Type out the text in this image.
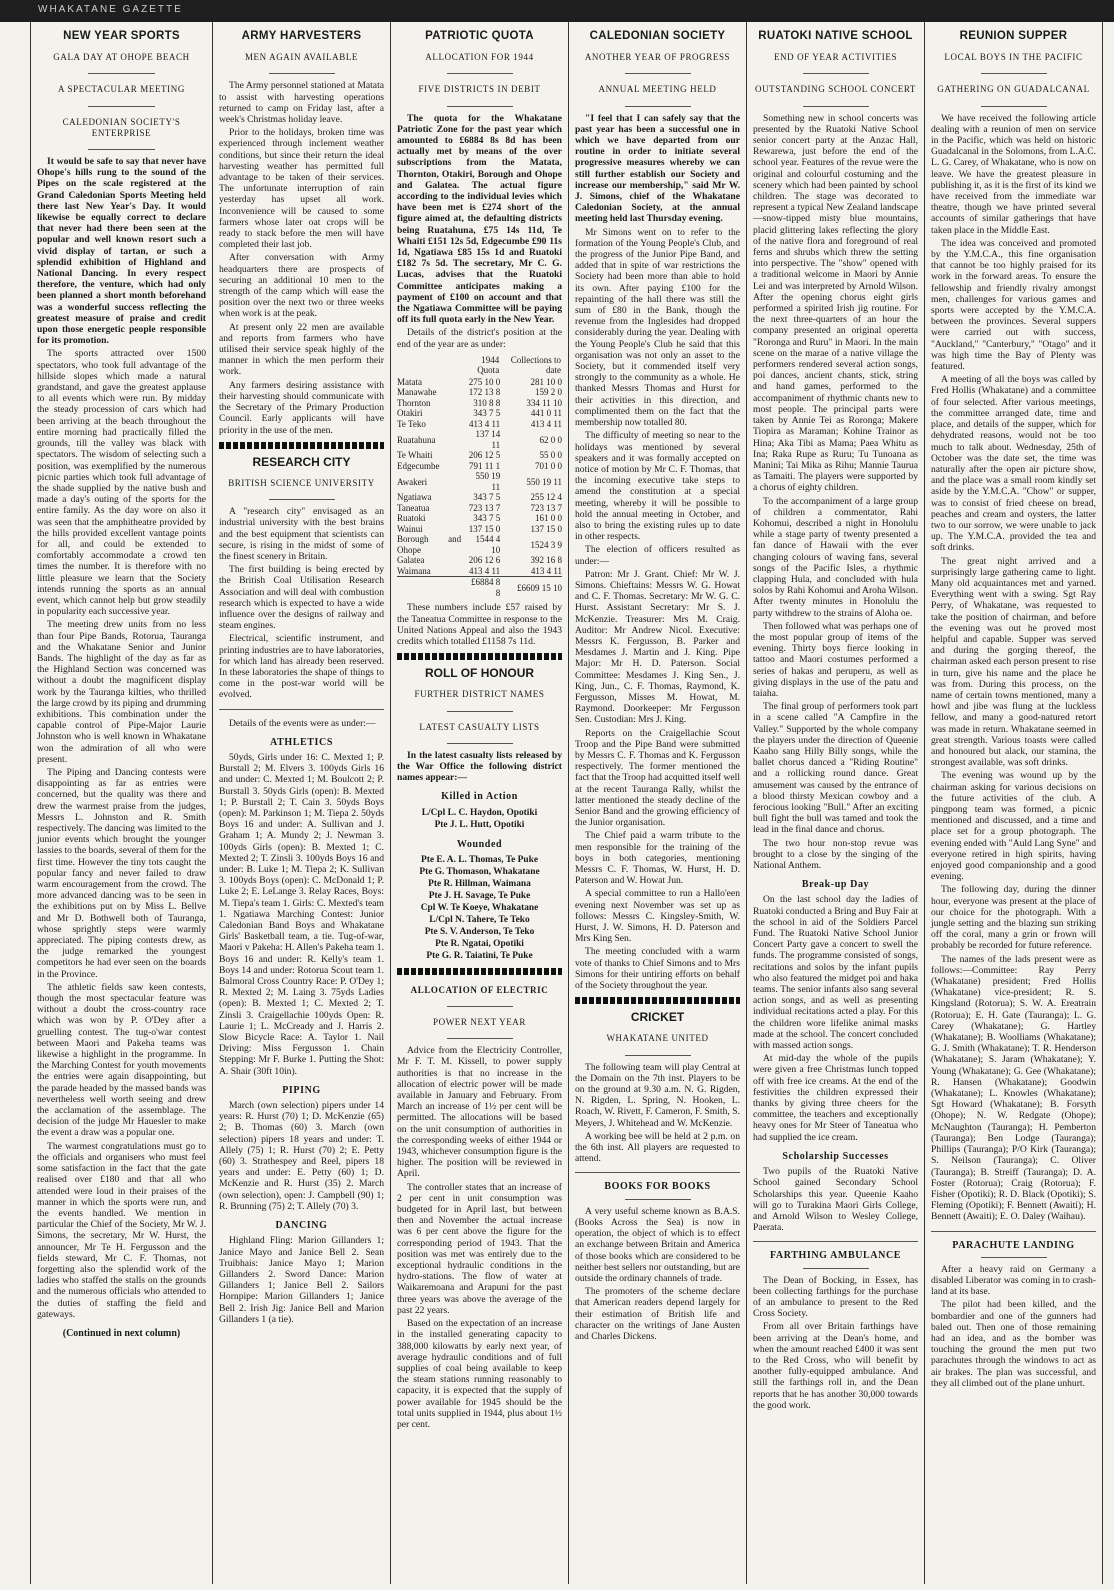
WHAKATANE GAZETTE
NEW YEAR SPORTS
GALA DAY AT OHOPE BEACH
A SPECTACULAR MEETING
CALEDONIAN SOCIETY'S ENTERPRISE

It would be safe to say that never have Ohope's hills rung to the sound of the Pipes on the scale registered at the Grand Caledonian Sports Meeting held there last New Year's Day. It would likewise be equally correct to declare that never had there been seen at the popular and well known resort such a vivid display of tartan, or such a splendid exhibition of Highland and National Dancing. In every respect therefore, the venture, which had only been planned a short month beforehand was a wonderful success reflecting the greatest measure of praise and credit upon those energetic people responsible for its promotion.

The sports attracted over 1500 spectators, who took full advantage of the hillside slopes which made a natural grandstand, and gave the greatest applause to all events which were run. By midday the steady procession of cars which had been arriving at the beach throughout the entire morning had practically filled the grounds, till the valley was black with spectators. The wisdom of selecting such a position, was exemplified by the numerous picnic parties which took full advantage of the shade supplied by the native bush and made a day's outing of the sports for the entire family. As the day wore on also it was seen that the amphitheatre provided by the hills provided excellent vantage points for all, and could be extended to comfortably accommodate a crowd ten times the number. It is therefore with no little pleasure we learn that the Society intends running the sports as an annual event, which cannot help but grow steadily in popularity each successive year.

The meeting drew units from no less than four Pipe Bands, Rotorua, Tauranga and the Whakatane Senior and Junior Bands. The highlight of the day as far as the Highland Section was concerned was without a doubt the magnificent display work by the Tauranga kilties, who thrilled the large crowd by its piping and drumming exhibitions. This combination under the capable control of Pipe-Major Laurie Johnston who is well known in Whakatane won the admiration of all who were present.

The Piping and Dancing contests were disappointing as far as entries were concerned, but the quality was there and drew the warmest praise from the judges, Messrs L. Johnston and R. Smith respectively. The dancing was limited to the junior events which brought the younger lassies to the boards, several of them for the first time. However the tiny tots caught the popular fancy and never failed to draw warm encouragement from the crowd. The more advanced dancing was to be seen in the exhibitions put on by Miss L. Bellve and Mr D. Bothwell both of Tauranga, whose sprightly steps were warmly appreciated. The piping contests drew, as the judge remarked the youngest competitors he had ever seen on the boards in the Province.

The athletic fields saw keen contests, though the most spectacular feature was without a doubt the cross-country race which was won by P. O'Dey after a gruelling contest. The tug-o'war contest between Maori and Pakeha teams was likewise a highlight in the programme. In the Marching Contest for youth movements the entries were again disappointing, but the parade headed by the massed bands was nevertheless well worth seeing and drew the acclamation of the assemblage. The decision of the judge Mr Hauesler to make the event a draw was a popular one.

The warmest congratulations must go to the officials and organisers who must feel some satisfaction in the fact that the gate realised over £180 and that all who attended were loud in their praises of the manner in which the sports were run, and the events handled. We mention in particular the Chief of the Society, Mr W. J. Simons, the secretary, Mr W. Hurst, the announcer, Mr Te H. Fergusson and the fields steward, Mr C. F. Thomas, not forgetting also the splendid work of the ladies who staffed the stalls on the grounds and the numerous officials who attended to the duties of staffing the field and gateways.

(Continued in next column)
ARMY HARVESTERS
MEN AGAIN AVAILABLE

The Army personnel stationed at Matata to assist with harvesting operations returned to camp on Friday last, after a week's Christmas holiday leave.

Prior to the holidays, broken time was experienced through inclement weather conditions, but since their return the ideal harvesting weather has permitted full advantage to be taken of their services. The unfortunate interruption of rain yesterday has upset all work. Inconvenience will be caused to some farmers whose later oat crops will be ready to stack before the men will have completed their last job.

After conversation with Army headquarters there are prospects of securing an additional 10 men to the strength of the camp which will ease the position over the next two or three weeks when work is at the peak.

At present only 22 men are available and reports from farmers who have utilised their service speak highly of the manner in which the men perform their work.

Any farmers desiring assistance with their harvesting should communicate with the Secretary of the Primary Production Council. Early applicants will have priority in the use of the men.

RESEARCH CITY
BRITISH SCIENCE UNIVERSITY

A "research city" envisaged as an industrial university with the best brains and the best equipment that scientists can secure, is rising in the midst of some of the finest scenery in Britain.

The first building is being erected by the British Coal Utilisation Research Association and will deal with combustion research which is expected to have a wide influence over the designs of railway and steam engines.

Electrical, scientific instrument, and printing industries are to have laboratories, for which land has already been reserved. In these laboratories the shape of things to come in the post-war world will be evolved.

Details of the events were as under:—

ATHLETICS

50yds, Girls under 16: C. Mexted 1; P. Burstall 2; M. Elvers 3. 100yds Girls 16 and under: C. Mexted 1; M. Boulcott 2; P. Burstall 3. 50yds Girls (open): B. Mexted 1; P. Burstall 2; T. Cain 3. 50yds Boys (open): M. Parkinson 1; M. Tiepa 2. 50yds Boys 16 and under: A. Sullivan and J. Graham 1; A. Mundy 2; J. Newman 3. 100yds Girls (open): B. Mexted 1; C. Mexted 2; T. Zinsli 3. 100yds Boys 16 and under: B. Luke 1; M. Tiepa 2; K. Sullivan 3. 100yds Boys (open): C. McDonald 1; P. Luke 2; E. LeLange 3. Relay Races, Boys: M. Tiepa's team 1. Girls: C. Mexted's team 1. Ngatiawa Marching Contest: Junior Caledonian Band Boys and Whakatane Girls' Basketball team, a tie. Tug-of-war, Maori v Pakeha: H. Allen's Pakeha team 1. Boys 16 and under: R. Kelly's team 1. Boys 14 and under: Rotorua Scout team 1. Balmoral Cross Country Race: P. O'Dey 1; R. Mexted 2; M. Laing 3. 75yds Ladies (open): B. Mexted 1; C. Mexted 2; T. Zinsli 3. Craigellachie 100yds Open: R. Laurie 1; L. McCready and J. Harris 2. Slow Bicycle Race: A. Taylor 1. Nail Driving: Miss Fergusson 1. Chain Stepping: Mr F. Burke 1. Putting the Shot: A. Shair (30ft 10in).

PIPING

March (own selection) pipers under 14 years: R. Hurst (70) 1; D. McKenzie (65) 2; B. Thomas (60) 3. March (own selection) pipers 18 years and under: T. Allely (75) 1; R. Hurst (70) 2; E. Petty (60) 3. Strathespey and Reel, pipers 18 years and under: E. Petty (60) 1; D. McKenzie and R. Hurst (35) 2. March (own selection), open: J. Campbell (90) 1; R. Brunning (75) 2; T. Allely (70) 3.

DANCING

Highland Fling: Marion Gillanders 1; Janice Mayo and Janice Bell 2. Sean Truibhais: Janice Mayo 1; Marion Gillanders 2. Sword Dance: Marion Gillanders 1; Janice Bell 2. Sailors Hornpipe: Marion Gillanders 1; Janice Bell 2. Irish Jig: Janice Bell and Marion Gillanders 1 (a tie).

PATRIOTIC QUOTA
ALLOCATION FOR 1944
FIVE DISTRICTS IN DEBIT

The quota for the Whakatane Patriotic Zone for the past year which amounted to £6884 8s 8d has been actually met by means of the over subscriptions from the Matata, Thornton, Otakiri, Borough and Ohope and Galatea. The actual figure according to the individual levies which have been met is £274 short of the figure aimed at, the defaulting districts being Ruatahuna, £75 14s 11d, Te Whaiti £151 12s 5d, Edgecumbe £90 11s 1d, Ngatiawa £85 15s 1d and Ruatoki £182 7s 5d. The secretary, Mr C. G. Lucas, advises that the Ruatoki Committee anticipates making a payment of £100 on account and that the Ngatiawa Committee will be paying off its full quota early in the New Year.

Details of the district's position at the end of the year are as under:

	1944 Quota	Collections to date
Matata	275 10 0	281 10 0
Manawahe	172 13 8	159 2 0
Thornton	310 8 8	334 11 10
Otakiri	343 7 5	441 0 11
Te Teko	413 4 11	413 4 11
Ruatahuna	137 14 11	62 0 0
Te Whaiti	206 12 5	55 0 0
Edgecumbe	791 11 1	701 0 0
Awakeri	550 19 11	550 19 11
Ngatiawa	343 7 5	255 12 4
Taneatua	723 13 7	723 13 7
Ruatoki	343 7 5	161 0 0
Wainui	137 15 0	137 15 0
Borough and Ohope	1544 4 10	1524 3 9
Galatea	206 12 6	392 16 8
Waimana	413 4 11	413 4 11
	£6884 8 8	£6609 15 10

These numbers include £57 raised by the Taneatua Committee in response to the United Nations Appeal and also the 1943 credits which totalled £1158 7s 11d.

ROLL OF HONOUR
FURTHER DISTRICT NAMES
LATEST CASUALTY LISTS

In the latest casualty lists released by the War Office the following district names appear:—

Killed in Action
L/Cpl L. C. Haydon, Opotiki
Pte J. L. Hutt, Opotiki
Wounded
Pte E. A. L. Thomas, Te Puke
Pte G. Thomason, Whakatane
Pte R. Hillman, Waimana
Pte J. H. Savage, Te Puke
Cpl W. Te Koeye, Whakatane
L/Cpl N. Tahere, Te Teko
Pte S. V. Anderson, Te Teko
Pte R. Ngatai, Opotiki
Pte G. R. Taiatini, Te Puke
ALLOCATION OF ELECTRIC
POWER NEXT YEAR

Advice from the Electricity Controller, Mr F. T. M. Kissell, to power supply authorities is that no increase in the allocation of electric power will be made available in January and February. From March an increase of 1½ per cent will be permitted. The allocations will be based on the unit consumption of authorities in the corresponding weeks of either 1944 or 1943, whichever consumption figure is the higher. The position will be reviewed in April.

The controller states that an increase of 2 per cent in unit consumption was budgeted for in April last, but between then and November the actual increase was 6 per cent above the figure for the corresponding period of 1943. That the position was met was entirely due to the exceptional hydraulic conditions in the hydro-stations. The flow of water at Waikaremoana and Arapuni for the past three years was above the average of the past 22 years.

Based on the expectation of an increase in the installed generating capacity to 388,000 kilowatts by early next year, of average hydraulic conditions and of full supplies of coal being available to keep the steam stations running reasonably to capacity, it is expected that the supply of power available for 1945 should be the total units supplied in 1944, plus about 1½ per cent.

CALEDONIAN SOCIETY
ANOTHER YEAR OF PROGRESS
ANNUAL MEETING HELD

"I feel that I can safely say that the past year has been a successful one in which we have departed from our routine in order to initiate several progressive measures whereby we can still further establish our Society and increase our membership," said Mr W. J. Simons, chief of the Whakatane Caledonian Society, at the annual meeting held last Thursday evening.

Mr Simons went on to refer to the formation of the Young People's Club, and the progress of the Junior Pipe Band, and added that in spite of war restrictions the Society had been more than able to hold its own. After paying £100 for the repainting of the hall there was still the sum of £80 in the Bank, though the revenue from the Inglesides had dropped considerably during the year. Dealing with the Young People's Club he said that this organisation was not only an asset to the Society, but it commended itself very strongly to the community as a whole. He thanked Messrs Thomas and Hurst for their activities in this direction, and complimented them on the fact that the membership now totalled 80.

The difficulty of meeting so near to the holidays was mentioned by several speakers and it was formally accepted on notice of motion by Mr C. F. Thomas, that the incoming executive take steps to amend the constitution at a special meeting, whereby it will be possible to hold the annual meeting in October, and also to bring the existing rules up to date in other respects.

The election of officers resulted as under:—

Patron: Mr J. Grant. Chief: Mr W. J. Simons. Chieftains: Messrs W. G. Howat and C. F. Thomas. Secretary: Mr W. G. C. Hurst. Assistant Secretary: Mr S. J. McKenzie. Treasurer: Mrs M. Craig. Auditor: Mr Andrew Nicol. Executive: Messrs K. Fergusson, B. Parker and Mesdames J. Martin and J. King. Pipe Major: Mr H. D. Paterson. Social Committee: Mesdames J. King Sen., J. King, Jun., C. F. Thomas, Raymond, K. Fergusson, Misses M. Howat, M. Raymond. Doorkeeper: Mr Fergusson Sen. Custodian: Mrs J. King.

Reports on the Craigellachie Scout Troop and the Pipe Band were submitted by Messrs C. F. Thomas and K. Fergusson respectively. The former mentioned the fact that the Troop had acquitted itself well at the recent Tauranga Rally, whilst the latter mentioned the steady decline of the Senior Band and the growing efficiency of the Junior organisation.

The Chief paid a warm tribute to the men responsible for the training of the boys in both categories, mentioning Messrs C. F. Thomas, W. Hurst, H. D. Paterson and W. Howat Jun.

A special committee to run a Hallo'een evening next November was set up as follows: Messrs C. Kingsley-Smith, W. Hurst, J. W. Simons, H. D. Paterson and Mrs King Sen.

The meeting concluded with a warm vote of thanks to Chief Simons and to Mrs Simons for their untiring efforts on behalf of the Society throughout the year.

CRICKET
WHAKATANE UNITED

The following team will play Central at the Domain on the 7th inst. Players to be on the ground at 9.30 a.m. N. G. Rigden, N. Rigden, L. Spring, N. Hooken, L. Roach, W. Rivett, F. Cameron, F. Smith, S. Meyers, J. Whitehead and W. McKenzie.

A working bee will be held at 2 p.m. on the 6th inst. All players are requested to attend.

BOOKS FOR BOOKS

A very useful scheme known as B.A.S. (Books Across the Sea) is now in operation, the object of which is to effect an exchange between Britain and America of those books which are considered to be neither best sellers nor outstanding, but are outside the ordinary channels of trade.

The promoters of the scheme declare that American readers depend largely for their estimation of British life and character on the writings of Jane Austen and Charles Dickens.

RUATOKI NATIVE SCHOOL
END OF YEAR ACTIVITIES
OUTSTANDING SCHOOL CONCERT

Something new in school concerts was presented by the Ruatoki Native School senior concert party at the Anzac Hall, Rewarewa, just before the end of the school year. Features of the revue were the original and colourful costuming and the scenery which had been painted by school children. The stage was decorated to represent a typical New Zealand landscape—snow-tipped misty blue mountains, placid glittering lakes reflecting the glory of the native flora and foreground of real ferns and shrubs which threw the setting into perspective. The "show" opened with a traditional welcome in Maori by Annie Lei and was interpreted by Arnold Wilson. After the opening chorus eight girls performed a spirited Irish jig routine. For the next three-quarters of an hour the company presented an original operetta "Roronga and Ruru" in Maori. In the main scene on the marae of a native village the performers rendered several action songs, poi dances, ancient chants, stick, string and hand games, performed to the accompaniment of rhythmic chants new to most people. The principal parts were taken by Annie Tei as Roronga; Makere Tiopira as Maraman; Kohine Trainor as Hina; Aka Tibi as Mama; Paea Whitu as Ina; Raka Rupe as Ruru; Tu Tunoana as Manini; Tai Mika as Rihu; Mannie Taurua as Tamaiti. The players were supported by a chorus of eighty children.

To the accompaniment of a large group of children a commentator, Rahi Kohomui, described a night in Honolulu while a stage party of twenty presented a fan dance of Hawaii with the ever changing colours of waving fans, several songs of the Pacific Isles, a rhythmic clapping Hula, and concluded with hula solos by Rahi Kohomui and Aroha Wilson. After twenty minutes in Honolulu the party withdrew to the strains of Aloha oe.

Then followed what was perhaps one of the most popular group of items of the evening. Thirty boys fierce looking in tattoo and Maori costumes performed a series of hakas and peruperu, as well as giving displays in the use of the patu and taiaha.

The final group of performers took part in a scene called "A Campfire in the Valley." Supported by the whole company the players under the direction of Queenie Kaaho sang Hilly Billy songs, while the ballet chorus danced a "Riding Routine" and a rollicking round dance. Great amusement was caused by the entrance of a blood thirsty Mexican cowboy and a ferocious looking "Bull." After an exciting bull fight the bull was tamed and took the lead in the final dance and chorus.

The two hour non-stop revue was brought to a close by the singing of the National Anthem.

Break-up Day

On the last school day the ladies of Ruatoki conducted a Bring and Buy Fair at the school in aid of the Soldiers Parcel Fund. The Ruatoki Native School Junior Concert Party gave a concert to swell the funds. The programme consisted of songs, recitations and solos by the infant pupils who also featured the midget poi and haka teams. The senior infants also sang several action songs, and as well as presenting individual recitations acted a play. For this the children wore lifelike animal masks made at the school. The concert concluded with massed action songs.

At mid-day the whole of the pupils were given a free Christmas lunch topped off with free ice creams. At the end of the festivities the children expressed their thanks by giving three cheers for the committee, the teachers and exceptionally heavy ones for Mr Steer of Taneatua who had supplied the ice cream.

Scholarship Successes

Two pupils of the Ruatoki Native School gained Secondary School Scholarships this year. Queenie Kaaho will go to Turakina Maori Girls College, and Arnold Wilson to Wesley College, Paerata.

FARTHING AMBULANCE

The Dean of Bocking, in Essex, has been collecting farthings for the purchase of an ambulance to present to the Red Cross Society.

From all over Britain farthings have been arriving at the Dean's home, and when the amount reached £400 it was sent to the Red Cross, who will benefit by another fully-equipped ambulance. And still the farthings roll in, and the Dean reports that he has another 30,000 towards the good work.

REUNION SUPPER
LOCAL BOYS IN THE PACIFIC
GATHERING ON GUADALCANAL

We have received the following article dealing with a reunion of men on service in the Pacific, which was held on historic Guadalcanal in the Solomons, from L.A.C. L. G. Carey, of Whakatane, who is now on leave. We have the greatest pleasure in publishing it, as it is the first of its kind we have received from the immediate war theatre, though we have printed several accounts of similar gatherings that have taken place in the Middle East.

The idea was conceived and promoted by the Y.M.C.A., this fine organisation that cannot be too highly praised for its work in the forward areas. To ensure the fellowship and friendly rivalry amongst men, challenges for various games and sports were accepted by the Y.M.C.A. between the provinces. Several suppers were carried out with success, "Auckland," "Canterbury," "Otago" and it was high time the Bay of Plenty was featured.

A meeting of all the boys was called by Fred Hollis (Whakatane) and a committee of four selected. After various meetings, the committee arranged date, time and place, and details of the supper, which for dehydrated reasons, would not be too much to talk about. Wednesday, 25th of October was the date set, the time was naturally after the open air picture show, and the place was a small room kindly set aside by the Y.M.C.A. "Chow" or supper, was to consist of fried cheese on bread, peaches and cream and oysters, the latter two to our sorrow, we were unable to jack up. The Y.M.C.A. provided the tea and soft drinks.

The great night arrived and a surprisingly large gathering came to light. Many old acquaintances met and yarned. Everything went with a swing. Sgt Ray Perry, of Whakatane, was requested to take the position of chairman, and before the evening was out he proved most helpful and capable. Supper was served and during the gorging thereof, the chairman asked each person present to rise in turn, give his name and the place he was from. During this process, on the name of certain towns mentioned, many a howl and jibe was flung at the luckless fellow, and many a good-natured retort was made in return. Whakatane seemed in great strength. Various toasts were called and honoured but alack, our stamina, the strongest available, was soft drinks.

The evening was wound up by the chairman asking for various decisions on the future activities of the club. A pingpong team was formed, a picnic mentioned and discussed, and a time and place set for a group photograph. The evening ended with "Auld Lang Syne" and everyone retired in high spirits, having enjoyed good companionship and a good evening.

The following day, during the dinner hour, everyone was present at the place of our choice for the photograph. With a jungle setting and the blazing sun striking off the coral, many a grin or frown will probably be recorded for future reference.

The names of the lads present were as follows:—Committee: Ray Perry (Whakatane) president; Fred Hollis (Whakatane) vice-president; R. S. Kingsland (Rotorua); S. W. A. Ereatrain (Rotorua); E. H. Gate (Tauranga); L. G. Carey (Whakatane); G. Hartley (Whakatane); B. Woolliams (Whakatane); G. J. Smith (Whakatane); T. R. Henderson (Whakatane); S. Jaram (Whakatane); Y. Young (Whakatane); G. Gee (Whakatane); R. Hansen (Whakatane); Goodwin (Whakatane); L. Knowles (Whakatane); Sgt Howard (Whakatane); B. Forsyth (Ohope); N. W. Redgate (Ohope); McNaughton (Tauranga); H. Pemberton (Tauranga); Ben Lodge (Tauranga); Phillips (Tauranga); P/O Kirk (Tauranga); S. Neilson (Tauranga); C. Oliver (Tauranga); B. Streiff (Tauranga); D. A. Foster (Rotorua); Craig (Rotorua); F. Fisher (Opotiki); R. D. Black (Opotiki); S. Fleming (Opotiki); F. Bennett (Awaiti); H. Bennett (Awaiti); E. O. Daley (Waihau).

PARACHUTE LANDING

After a heavy raid on Germany a disabled Liberator was coming in to crash-land at its base.

The pilot had been killed, and the bombardier and one of the gunners had baled out. Then one of those remaining had an idea, and as the bomber was touching the ground the men put two parachutes through the windows to act as air brakes. The plan was successful, and they all climbed out of the plane unhurt.
